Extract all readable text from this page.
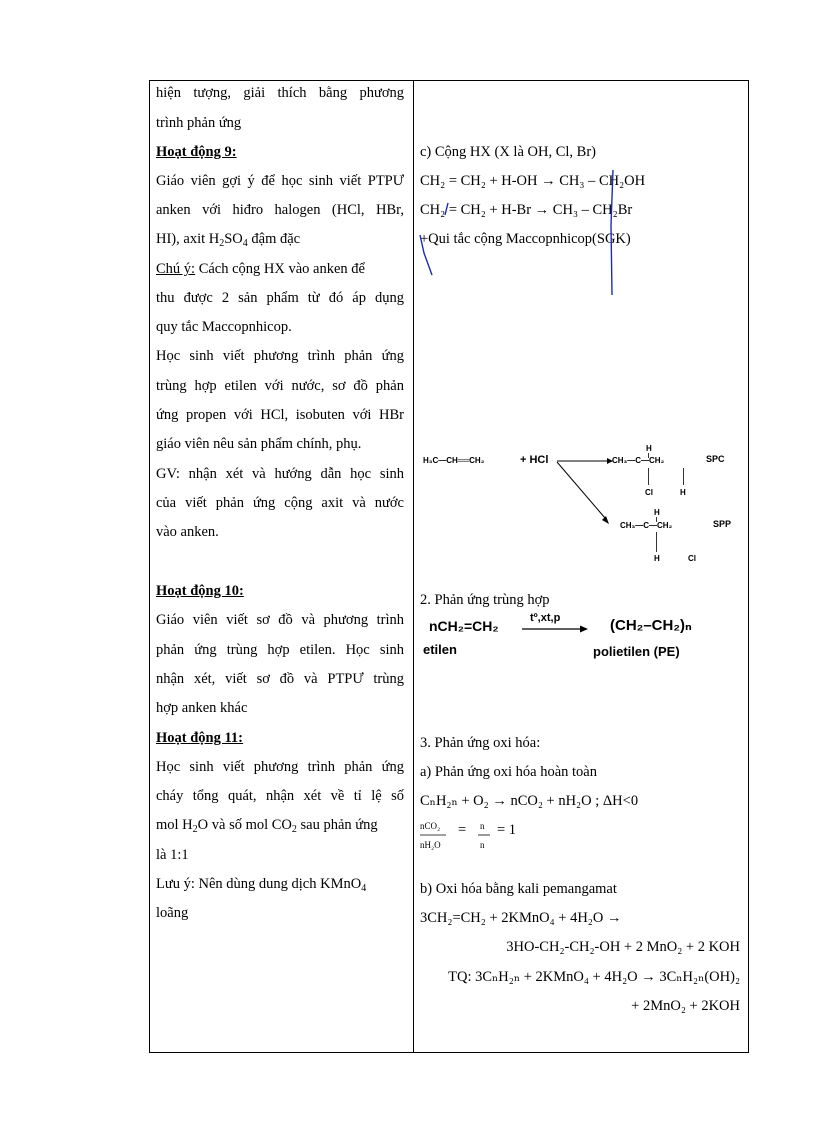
hiện tượng, giải thích bằng phương
trình phản ứng
Hoạt động 9:
Giáo viên gợi ý để học sinh viết PTPƯ
anken với hiđro halogen (HCl, HBr,
HI), axit $H_2SO_4$ đậm đặc
Chú ý: Cách cộng HX vào anken để
thu được 2 sản phẩm từ đó áp dụng
quy tắc Maccopnhicop.
Học sinh viết phương trình phản ứng
trùng hợp etilen với nước, sơ đồ phản
ứng propen với HCl, isobuten với HBr
giáo viên nêu sản phẩm chính, phụ.
GV: nhận xét và hướng dẫn học sinh
của viết phản ứng cộng axit và nước
vào anken.
Hoạt động 10:
Giáo viên viết sơ đồ và phương trình
phản ứng trùng hợp etilen. Học sinh
nhận xét, viết sơ đồ và PTPƯ trùng
hợp anken khác
Hoạt động 11:
Học sinh viết phương trình phản ứng
cháy tổng quát, nhận xét về tỉ lệ số
mol $H_2O$ và số mol $CO_2$ sau phản ứng
là 1:1
Lưu ý: Nên dùng dung dịch KMnO$_4$
loãng
c) Cộng HX (X là OH, Cl, Br)
CH₂ = CH₂ + H-OH → CH₃ – CH₂OH
CH₂ = CH₂ + H-Br → CH₃ – CH₂Br
+Qui tắc cộng Maccopnhicop(SGK)
H₃C—CH══CH₂	+ HCl	CH₃—C—CH₂
H
Cl	H
SPC
CH₃—C—CH₂
H
H	Cl
SPP
2. Phản ứng trùng hợp
nCH₂=CH₂	tº,xt,p	(CH₂–CH₂)ₙ
etilen	polietilen (PE)
3. Phản ứng oxi hóa:
a) Phản ứng oxi hóa hoàn toàn
CₙH₂ₙ + O₂ → nCO₂ + nH₂O ; ΔH<0
nCO₂
nH₂O
= n
n
= 1
b) Oxi hóa bằng kali pemangamat
3CH₂=CH₂ + 2KMnO₄ + 4H₂O →
3HO-CH₂-CH₂-OH + 2 MnO₂ + 2 KOH
TQ: 3CₙH₂ₙ + 2KMnO₄ + 4H₂O → 3CₙH₂ₙ(OH)₂
+ 2MnO₂ + 2KOH
